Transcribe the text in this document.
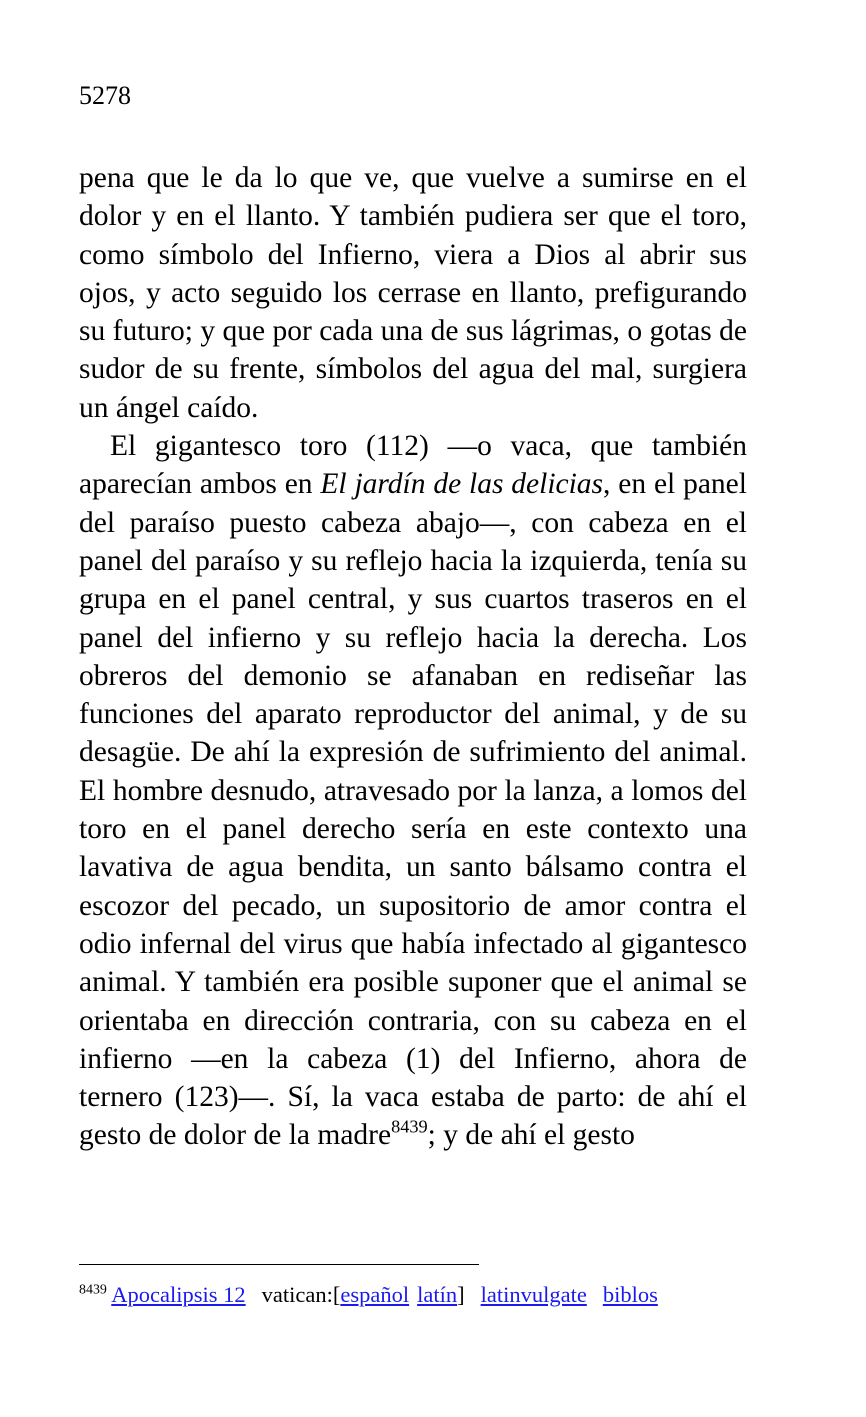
5278

pena que le da lo que ve, que vuelve a sumirse en el dolor y en el llanto. Y también pudiera ser que el toro, como símbolo del Infierno, viera a Dios al abrir sus ojos, y acto seguido los cerrase en llanto, prefigurando su futuro; y que por cada una de sus lágrimas, o gotas de sudor de su frente, símbolos del agua del mal, surgiera un ángel caído.

El gigantesco toro (112) —o vaca, que también aparecían ambos en El jardín de las delicias, en el panel del paraíso puesto cabeza abajo—, con cabeza en el panel del paraíso y su reflejo hacia la izquierda, tenía su grupa en el panel central, y sus cuartos traseros en el panel del infierno y su reflejo hacia la derecha. Los obreros del demonio se afanaban en rediseñar las funciones del aparato reproductor del animal, y de su desagüe. De ahí la expresión de sufrimiento del animal. El hombre desnudo, atravesado por la lanza, a lomos del toro en el panel derecho sería en este contexto una lavativa de agua bendita, un santo bálsamo contra el escozor del pecado, un supositorio de amor contra el odio infernal del virus que había infectado al gigantesco animal. Y también era posible suponer que el animal se orientaba en dirección contraria, con su cabeza en el infierno —en la cabeza (1) del Infierno, ahora de ternero (123)—. Sí, la vaca estaba de parto: de ahí el gesto de dolor de la madre$^{8439}$; y de ahí el gesto

$^{8439}$ Apocalipsis 12 vatican:[español latín] latinvulgate biblos
